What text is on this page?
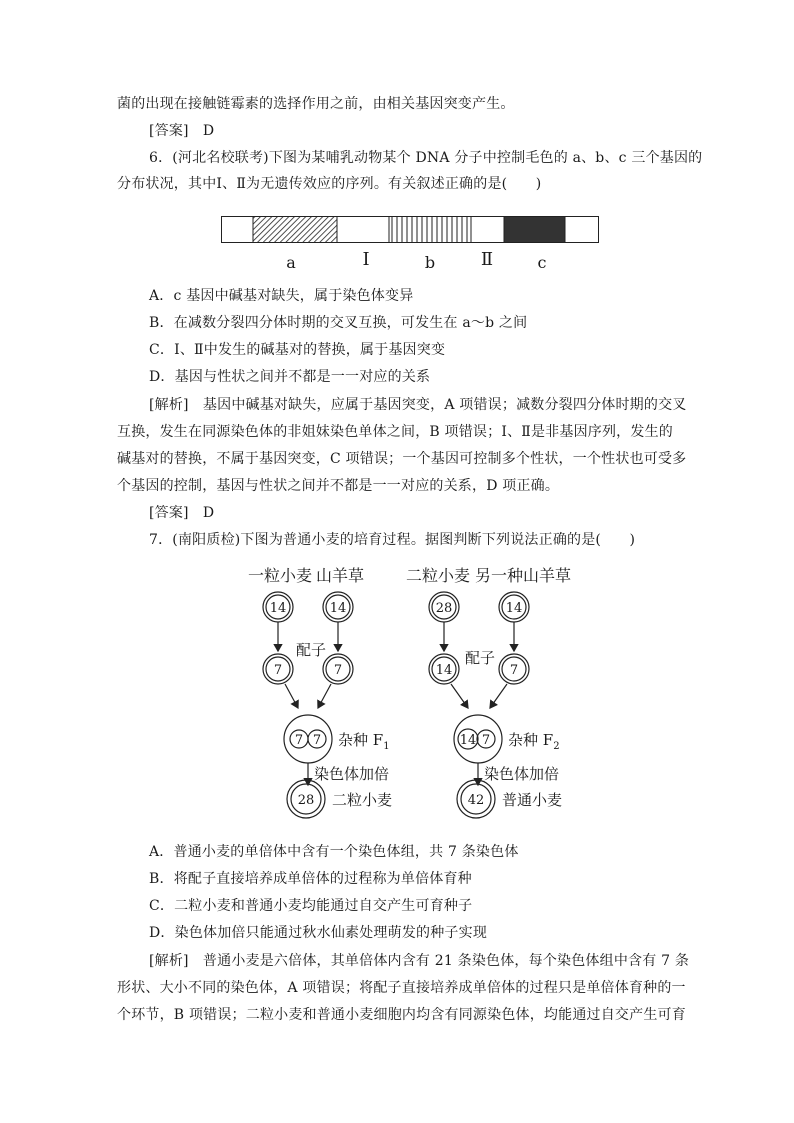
菌的出现在接触链霉素的选择作用之前，由相关基因突变产生。
[答案]　D
6．(河北名校联考)下图为某哺乳动物某个 DNA 分子中控制毛色的 a、b、c 三个基因的
分布状况，其中Ⅰ、Ⅱ为无遗传效应的序列。有关叙述正确的是(　　)
a	Ⅰ	b	Ⅱ	c
A．c 基因中碱基对缺失，属于染色体变异
B．在减数分裂四分体时期的交叉互换，可发生在 a～b 之间
C．Ⅰ、Ⅱ中发生的碱基对的替换，属于基因突变
D．基因与性状之间并不都是一一对应的关系
[解析]　基因中碱基对缺失，应属于基因突变，A 项错误；减数分裂四分体时期的交叉
互换，发生在同源染色体的非姐妹染色单体之间，B 项错误；Ⅰ、Ⅱ是非基因序列，发生的
碱基对的替换，不属于基因突变，C 项错误；一个基因可控制多个性状，一个性状也可受多
个基因的控制，基因与性状之间并不都是一一对应的关系，D 项正确。
[答案]　D
7．(南阳质检)下图为普通小麦的培育过程。据图判断下列说法正确的是(　　)
一粒小麦 山羊草
14	14
配子
7	7
7 7 杂种 $F_1$
染色体加倍
28 二粒小麦
二粒小麦 另一种山羊草
28	14
配子
14	7
14 7 杂种 $F_2$
染色体加倍
42 普通小麦
A．普通小麦的单倍体中含有一个染色体组，共 7 条染色体
B．将配子直接培养成单倍体的过程称为单倍体育种
C．二粒小麦和普通小麦均能通过自交产生可育种子
D．染色体加倍只能通过秋水仙素处理萌发的种子实现
[解析]　普通小麦是六倍体，其单倍体内含有 21 条染色体，每个染色体组中含有 7 条
形状、大小不同的染色体，A 项错误；将配子直接培养成单倍体的过程只是单倍体育种的一
个环节，B 项错误；二粒小麦和普通小麦细胞内均含有同源染色体，均能通过自交产生可育
